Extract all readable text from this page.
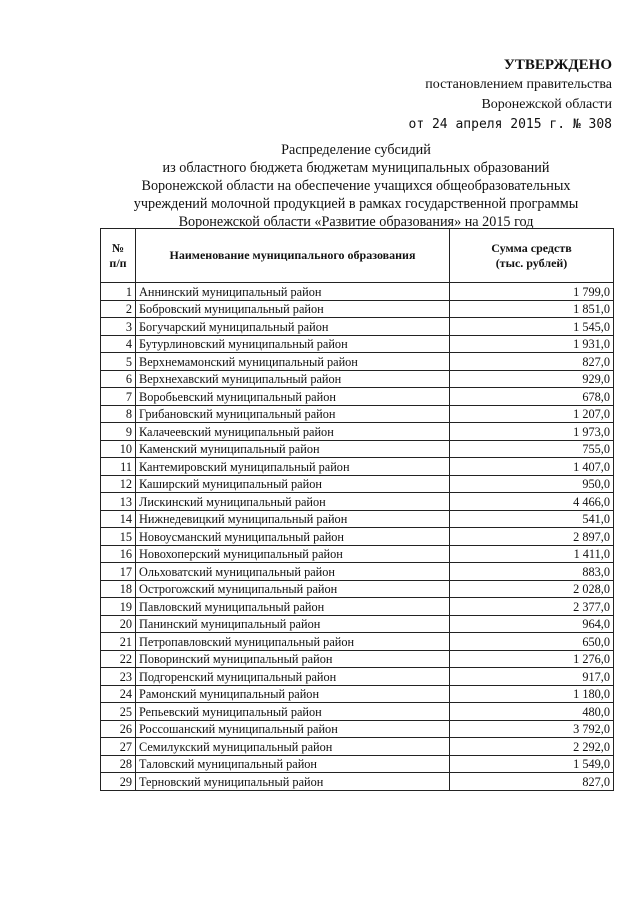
УТВЕРЖДЕНО
постановлением правительства
Воронежской области
от 24 апреля 2015 г. № 308
Распределение субсидий
из областного бюджета бюджетам муниципальных образований
Воронежской области на обеспечение учащихся общеобразовательных
учреждений молочной продукцией в рамках государственной программы
Воронежской области «Развитие образования» на 2015 год
№
п/п	Наименование муниципального образования	Сумма средств
(тыс. рублей)
1	Аннинский муниципальный район	1 799,0
2	Бобровский муниципальный район	1 851,0
3	Богучарский муниципальный район	1 545,0
4	Бутурлиновский муниципальный район	1 931,0
5	Верхнемамонский муниципальный район	827,0
6	Верхнехавский муниципальный район	929,0
7	Воробьевский муниципальный район	678,0
8	Грибановский муниципальный район	1 207,0
9	Калачеевский муниципальный район	1 973,0
10	Каменский муниципальный район	755,0
11	Кантемировский муниципальный район	1 407,0
12	Каширский муниципальный район	950,0
13	Лискинский муниципальный район	4 466,0
14	Нижнедевицкий муниципальный район	541,0
15	Новоусманский муниципальный район	2 897,0
16	Новохоперский муниципальный район	1 411,0
17	Ольховатский муниципальный район	883,0
18	Острогожский муниципальный район	2 028,0
19	Павловский муниципальный район	2 377,0
20	Панинский муниципальный район	964,0
21	Петропавловский муниципальный район	650,0
22	Поворинский муниципальный район	1 276,0
23	Подгоренский муниципальный район	917,0
24	Рамонский муниципальный район	1 180,0
25	Репьевский муниципальный район	480,0
26	Россошанский муниципальный район	3 792,0
27	Семилукский муниципальный район	2 292,0
28	Таловский муниципальный район	1 549,0
29	Терновский муниципальный район	827,0
